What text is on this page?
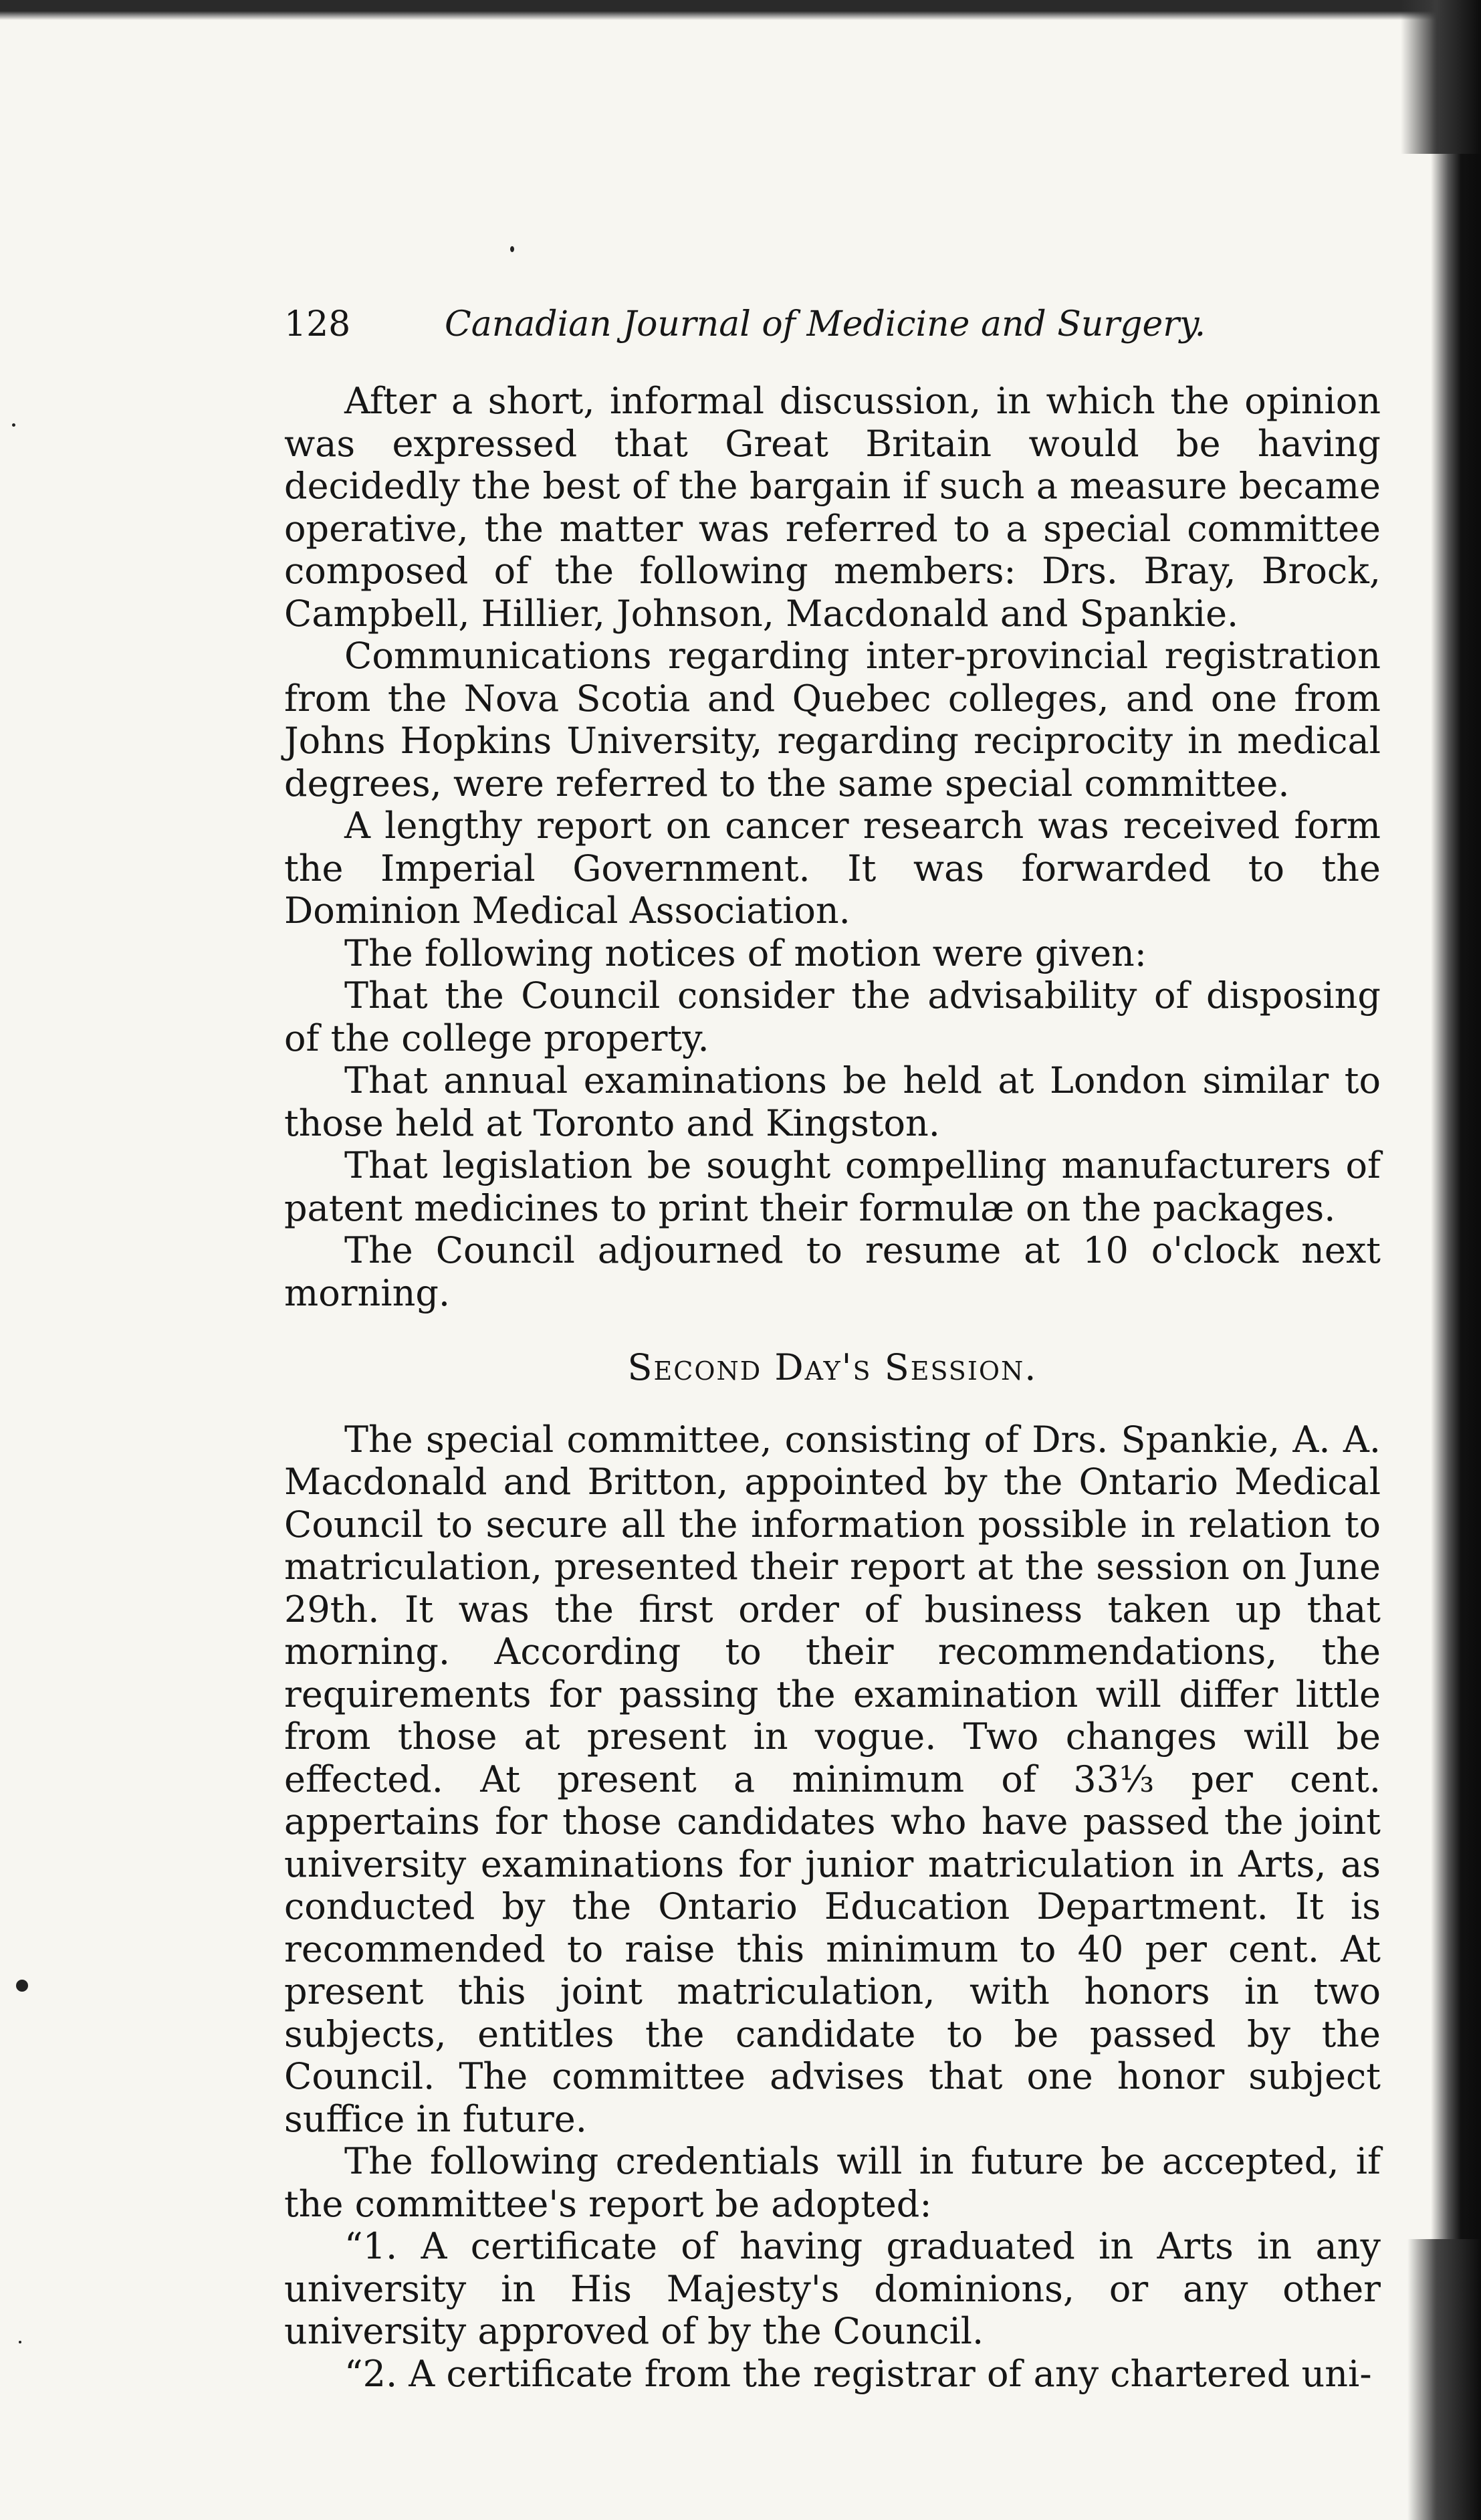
128	Canadian Journal of Medicine and Surgery.

After a short, informal discussion, in which the opinion was expressed that Great Britain would be having decidedly the best of the bargain if such a measure became operative, the matter was referred to a special committee composed of the following members: Drs. Bray, Brock, Campbell, Hillier, Johnson, Macdonald and Spankie.

Communications regarding inter-provincial registration from the Nova Scotia and Quebec colleges, and one from Johns Hopkins University, regarding reciprocity in medical degrees, were referred to the same special committee.

A lengthy report on cancer research was received form the Imperial Government. It was forwarded to the Dominion Medical Association.

The following notices of motion were given:

That the Council consider the advisability of disposing of the college property.

That annual examinations be held at London similar to those held at Toronto and Kingston.

That legislation be sought compelling manufacturers of patent medicines to print their formulæ on the packages.

The Council adjourned to resume at 10 o'clock next morning.

Second Day's Session.

The special committee, consisting of Drs. Spankie, A. A. Macdonald and Britton, appointed by the Ontario Medical Council to secure all the information possible in relation to matriculation, presented their report at the session on June 29th. It was the first order of business taken up that morning. According to their recommendations, the requirements for passing the examination will differ little from those at present in vogue. Two changes will be effected. At present a minimum of 33⅓ per cent. appertains for those candidates who have passed the joint university examinations for junior matriculation in Arts, as conducted by the Ontario Education Department. It is recommended to raise this minimum to 40 per cent. At present this joint matriculation, with honors in two subjects, entitles the candidate to be passed by the Council. The committee advises that one honor subject suffice in future.

The following credentials will in future be accepted, if the committee's report be adopted:

“1. A certificate of having graduated in Arts in any university in His Majesty's dominions, or any other university approved of by the Council.

“2. A certificate from the registrar of any chartered uni-
